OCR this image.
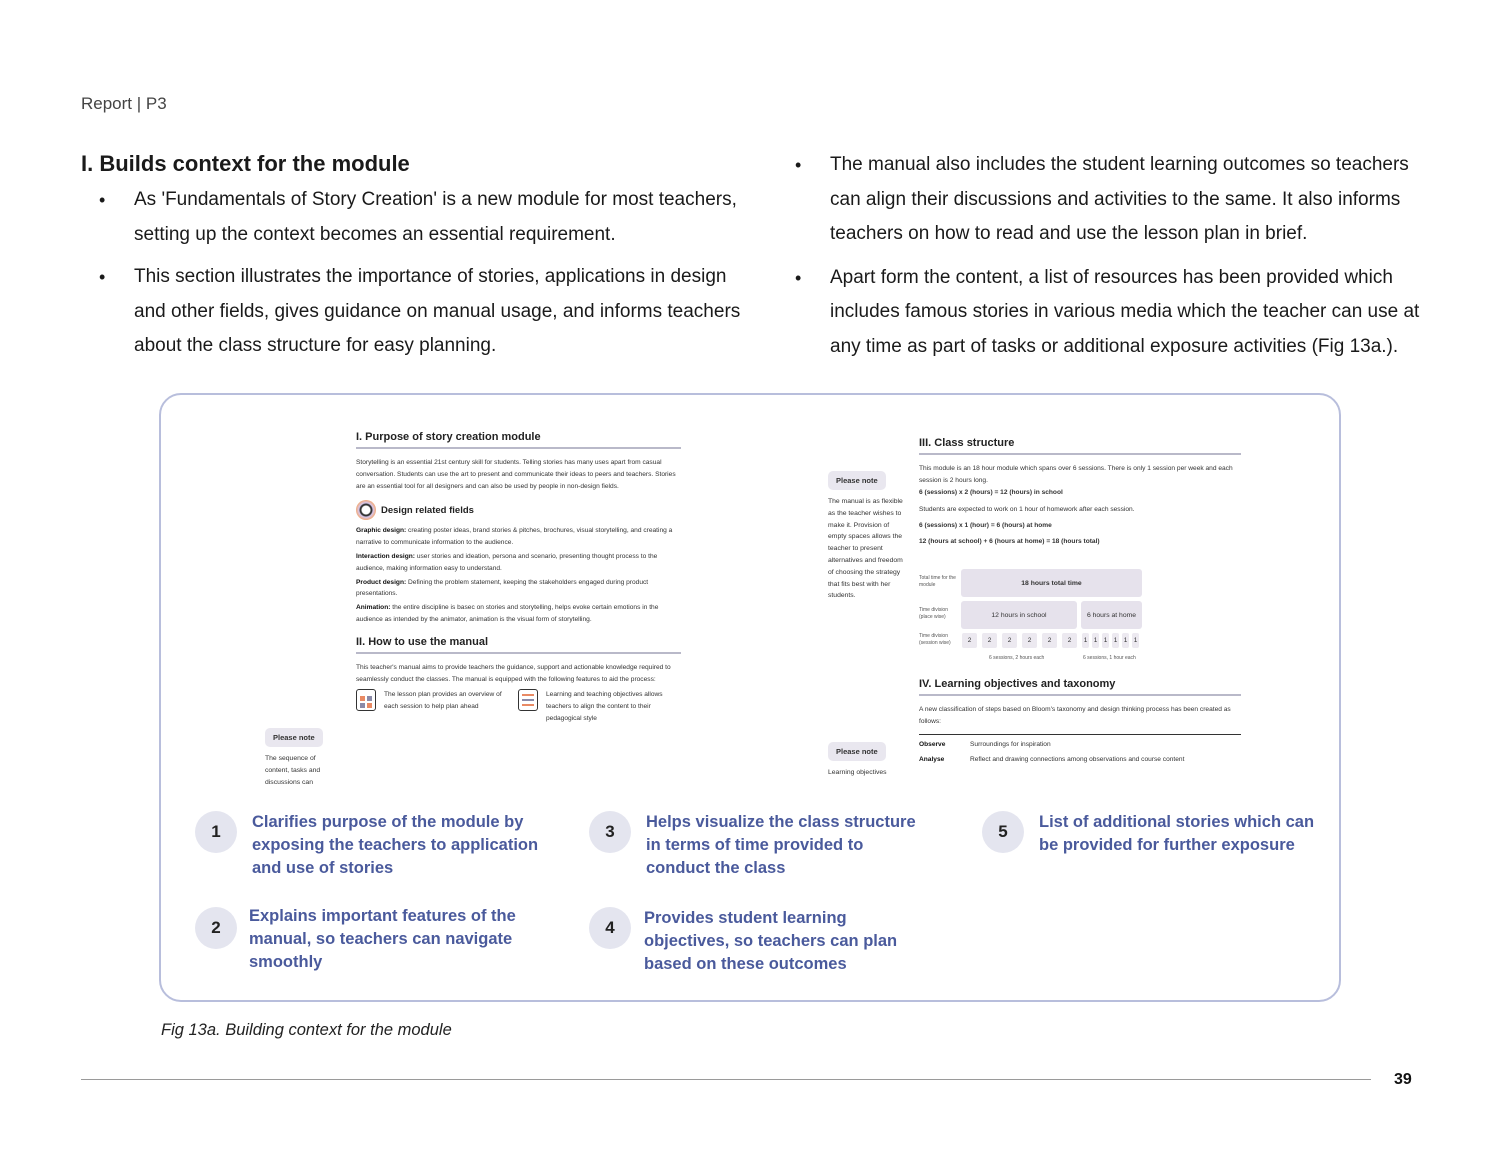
Report | P3
I. Builds context for the module
• As 'Fundamentals of Story Creation' is a new module for most teachers, setting up the context becomes an essential requirement.
• This section illustrates the importance of stories, applications in design and other fields, gives guidance on manual usage, and informs teachers about the class structure for easy planning.
• The manual also includes the student learning outcomes so teachers can align their discussions and activities to the same. It also informs teachers on how to read and use the lesson plan in brief.
• Apart form the content, a list of resources has been provided which includes famous stories in various media which the teacher can use at any time as part of tasks or additional exposure activities (Fig 13a.).
I. Purpose of story creation module
Storytelling is an essential 21st century skill for students. Telling stories has many uses apart from casual conversation. Students can use the art to present and communicate their ideas to peers and teachers. Stories are an essential tool for all designers and can also be used by people in non-design fields.
Design related fields
Graphic design: creating poster ideas, brand stories & pitches, brochures, visual storytelling, and creating a narrative to communicate information to the audience.
Interaction design: user stories and ideation, persona and scenario, presenting thought process to the audience, making information easy to understand.
Product design: Defining the problem statement, keeping the stakeholders engaged during product presentations.
Animation: the entire discipline is basec on stories and storytelling, helps evoke certain emotions in the audience as intended by the animator, animation is the visual form of storytelling.
II. How to use the manual
This teacher's manual aims to provide teachers the guidance, support and actionable knowledge required to seamlessly conduct the classes. The manual is equipped with the following features to aid the process:
The lesson plan provides an overview of each session to help plan ahead
Learning and teaching objectives allows teachers to align the content to their pedagogical style
Please note
The sequence of content, tasks and discussions can
Please note
The manual is as flexible as the teacher wishes to make it. Provision of empty spaces allows the teacher to present alternatives and freedom of choosing the strategy that fits best with her students.
Please note
Learning objectives
III. Class structure
This module is an 18 hour module which spans over 6 sessions. There is only 1 session per week and each session is 2 hours long.
6 (sessions) x 2 (hours) = 12 (hours) in school
Students are expected to work on 1 hour of homework after each session.
6 (sessions) x 1 (hour) = 6 (hours) at home
12 (hours at school) + 6 (hours at home) = 18 (hours total)
Total time for the module	18 hours total time
Time division (place wise)	12 hours in school	6 hours at home
Time division (session wise)	2	2	2	2	2	2	1 1 1 1 1 1
6 sessions, 2 hours each	6 sessions, 1 hour each
IV. Learning objectives and taxonomy
A new classification of steps based on Bloom's taxonomy and design thinking process has been created as follows:
Observe	Surroundings for inspiration
Analyse	Reflect and drawing connections among observations and course content
1	Clarifies purpose of the module by exposing the teachers to application and use of stories
2
Explains important features of the manual, so teachers can navigate smoothly
3	Helps visualize the class structure in terms of time provided to conduct the class
4	Provides student learning objectives, so teachers can plan based on these outcomes
5	List of additional stories which can be provided for further exposure
Fig 13a. Building context for the module
39
